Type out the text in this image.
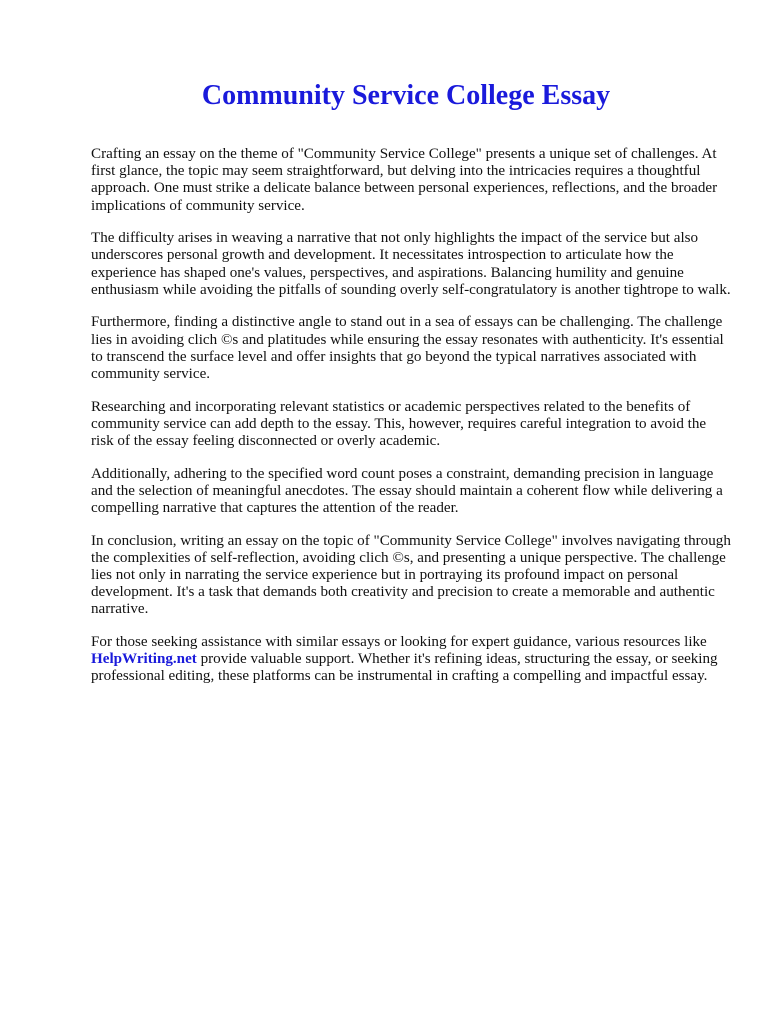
Community Service College Essay

Crafting an essay on the theme of "Community Service College" presents a unique set of challenges. At first glance, the topic may seem straightforward, but delving into the intricacies requires a thoughtful approach. One must strike a delicate balance between personal experiences, reflections, and the broader implications of community service.

The difficulty arises in weaving a narrative that not only highlights the impact of the service but also underscores personal growth and development. It necessitates introspection to articulate how the experience has shaped one's values, perspectives, and aspirations. Balancing humility and genuine enthusiasm while avoiding the pitfalls of sounding overly self-congratulatory is another tightrope to walk.

Furthermore, finding a distinctive angle to stand out in a sea of essays can be challenging. The challenge lies in avoiding clich ©s and platitudes while ensuring the essay resonates with authenticity. It's essential to transcend the surface level and offer insights that go beyond the typical narratives associated with community service.

Researching and incorporating relevant statistics or academic perspectives related to the benefits of community service can add depth to the essay. This, however, requires careful integration to avoid the risk of the essay feeling disconnected or overly academic.

Additionally, adhering to the specified word count poses a constraint, demanding precision in language and the selection of meaningful anecdotes. The essay should maintain a coherent flow while delivering a compelling narrative that captures the attention of the reader.

In conclusion, writing an essay on the topic of "Community Service College" involves navigating through the complexities of self-reflection, avoiding clich ©s, and presenting a unique perspective. The challenge lies not only in narrating the service experience but in portraying its profound impact on personal development. It's a task that demands both creativity and precision to create a memorable and authentic narrative.

For those seeking assistance with similar essays or looking for expert guidance, various resources like HelpWriting.net provide valuable support. Whether it's refining ideas, structuring the essay, or seeking professional editing, these platforms can be instrumental in crafting a compelling and impactful essay.
